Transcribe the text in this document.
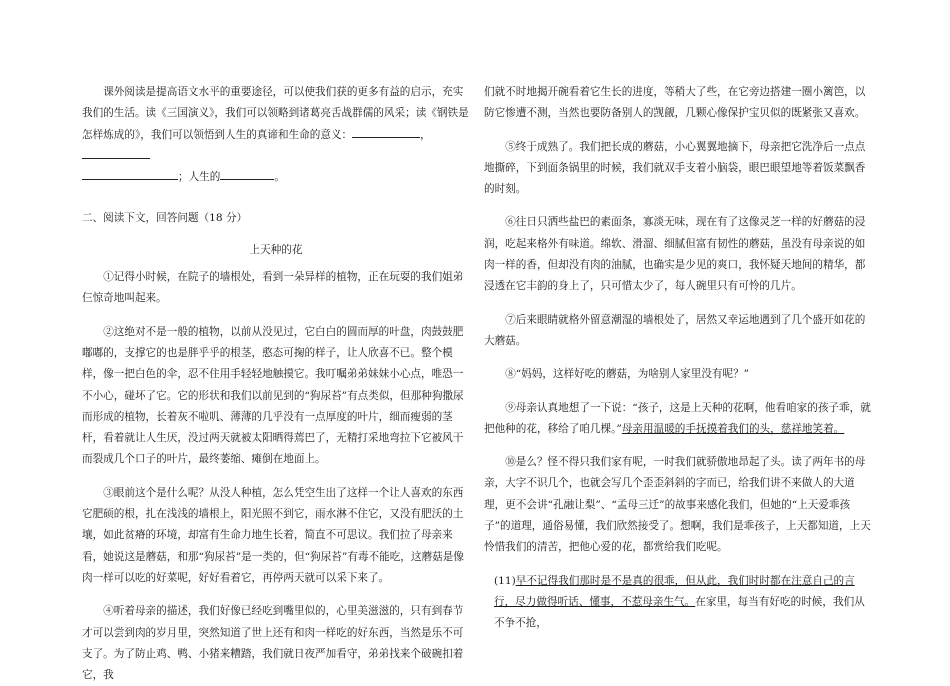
课外阅读是提高语文水平的重要途径，可以使我们获的更多有益的启示，充实我们的生活。读《三国演义》，我们可以领略到诸葛亮舌战群儒的风采；读《钢铁是怎样炼成的》，我们可以领悟到人生的真谛和生命的意义：	，
；人生的	。

二、阅读下文，回答问题（18 分）

上天种的花

①记得小时候，在院子的墙根处，看到一朵异样的植物，正在玩耍的我们姐弟仨惊奇地叫起来。

②这绝对不是一般的植物，以前从没见过，它白白的圆而厚的叶盘，肉鼓鼓肥嘟嘟的，支撑它的也是胖乎乎的根茎，憨态可掬的样子，让人欣喜不已。整个模样，像一把白色的伞，忍不住用手轻轻地触摸它。我叮嘱弟弟妹妹小心点，唯恐一不小心，碰坏了它。它的形状和我们以前见到的“狗尿苔”有点类似，但那种狗撒尿而形成的植物，长着灰不啦叽、薄薄的几乎没有一点厚度的叶片，细而瘦弱的茎杆，看着就让人生厌，没过两天就被太阳晒得蔫巴了，无精打采地弯拉下它被风干而裂成几个口子的叶片，最终萎缩、瘫倒在地面上。

③眼前这个是什么呢？从没人种植，怎么凭空生出了这样一个让人喜欢的东西它肥硕的根，扎在浅浅的墙根上，阳光照不到它，雨水淋不住它，又没有肥沃的土壤，如此贫瘠的环境，却富有生命力地生长着，简直不可思议。我们拉了母亲来看，她说这是蘑菇，和那“狗尿苔”是一类的，但“狗尿苔”有毒不能吃，这蘑菇是像肉一样可以吃的好菜呢，好好看着它，再停两天就可以采下来了。

④听着母亲的描述，我们好像已经吃到嘴里似的，心里美滋滋的，只有到春节才可以尝到肉的岁月里，突然知道了世上还有和肉一样吃的好东西，当然是乐不可支了。为了防止鸡、鸭、小猪来糟踏，我们就日夜严加看守，弟弟找来个破碗扣着它，我

们就不时地揭开碗看着它生长的进度，等稍大了些，在它旁边搭建一圈小篱笆，以防它惨遭不测，当然也要防备别人的觊觎，几颗心像保护宝贝似的既紧张又喜欢。

⑤终于成熟了。我们把长成的蘑菇，小心翼翼地摘下，母亲把它洗净后一点点地撕碎，下到面条锅里的时候，我们就双手支着小脑袋，眼巴眼望地等着饭菜飘香的时刻。

⑥往日只洒些盐巴的素面条，寡淡无味，现在有了这像灵芝一样的好蘑菇的浸润，吃起来格外有味道。绵软、滑溜、细腻但富有韧性的蘑菇，虽没有母亲说的如肉一样的香，但却没有肉的油腻，也确实是少见的爽口，我怀疑天地间的精华，都浸透在它丰韵的身上了，只可惜太少了，每人碗里只有可怜的几片。

⑦后来眼睛就格外留意潮湿的墙根处了，居然又幸运地遇到了几个盛开如花的大蘑菇。

⑧“妈妈，这样好吃的蘑菇，为啥别人家里没有呢？”

⑨母亲认真地想了一下说：“孩子，这是上天种的花啊，他看咱家的孩子乖，就把他种的花，移给了咱几棵。”母亲用温暖的手抚摸着我们的头，慈祥地笑着。

⑩是么？怪不得只我们家有呢，一时我们就骄傲地昂起了头。读了两年书的母亲，大字不识几个，也就会写几个歪歪斜斜的字而已，给我们讲不来做人的大道理，更不会讲“孔融让梨”、“孟母三迁”的故事来感化我们，但她的“上天爱乖孩子”的道理，通俗易懂，我们欣然接受了。想啊，我们是乖孩子，上天都知道，上天怜惜我们的清苦，把他心爱的花，都赏给我们吃呢。

(11)早不记得我们那时是不是真的很乖，但从此，我们时时都在注意自己的言行，尽力做得听话、懂事，不惹母亲生气。在家里，每当有好吃的时候，我们从不争不抢，
